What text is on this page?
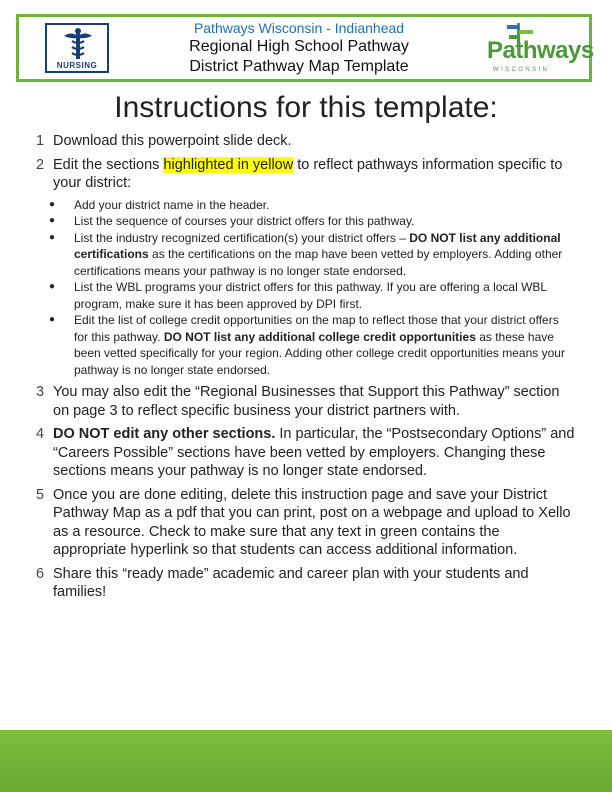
NURSING
Pathways Wisconsin - Indianhead
Regional High School Pathway
District Pathway Map Template
Pathways
WISCONSIN
Instructions for this template:
1 Download this powerpoint slide deck.
2 Edit the sections highlighted in yellow to reflect pathways information specific to your district:
● Add your district name in the header.
● List the sequence of courses your district offers for this pathway.
● List the industry recognized certification(s) your district offers – DO NOT list any additional certifications as the certifications on the map have been vetted by employers. Adding other certifications means your pathway is no longer state endorsed.
● List the WBL programs your district offers for this pathway. If you are offering a local WBL program, make sure it has been approved by DPI first.
● Edit the list of college credit opportunities on the map to reflect those that your district offers for this pathway. DO NOT list any additional college credit opportunities as these have been vetted specifically for your region. Adding other college credit opportunities means your pathway is no longer state endorsed.
3 You may also edit the “Regional Businesses that Support this Pathway” section on page 3 to reflect specific business your district partners with.
4 DO NOT edit any other sections. In particular, the “Postsecondary Options” and “Careers Possible” sections have been vetted by employers. Changing these sections means your pathway is no longer state endorsed.
5 Once you are done editing, delete this instruction page and save your District Pathway Map as a pdf that you can print, post on a webpage and upload to Xello as a resource. Check to make sure that any text in green contains the appropriate hyperlink so that students can access additional information.
6 Share this “ready made” academic and career plan with your students and families!
